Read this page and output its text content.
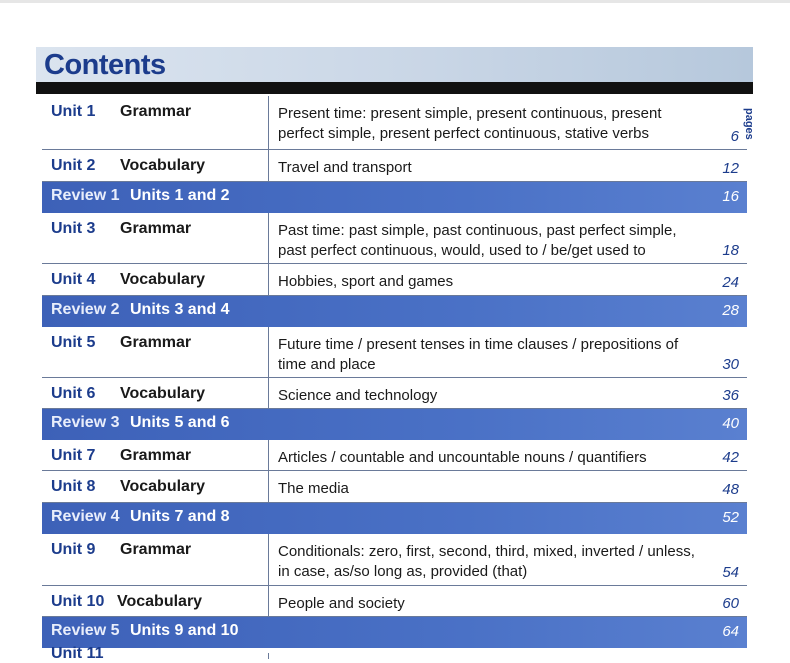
Contents
pages
Unit 1 Grammar	Present time: present simple, present continuous, present perfect simple, present perfect continuous, stative verbs	6
Unit 2 Vocabulary	Travel and transport	12
Review 1 Units 1 and 2	16
Unit 3 Grammar	Past time: past simple, past continuous, past perfect simple, past perfect continuous, would, used to / be/get used to	18
Unit 4 Vocabulary	Hobbies, sport and games	24
Review 2 Units 3 and 4	28
Unit 5 Grammar	Future time / present tenses in time clauses / prepositions of time and place	30
Unit 6 Vocabulary	Science and technology	36
Review 3 Units 5 and 6	40
Unit 7 Grammar	Articles / countable and uncountable nouns / quantifiers	42
Unit 8 Vocabulary	The media	48
Review 4 Units 7 and 8	52
Unit 9 Grammar	Conditionals: zero, first, second, third, mixed, inverted / unless, in case, as/so long as, provided (that)	54
Unit 10 Vocabulary	People and society	60
Review 5 Units 9 and 10	64
Unit 11
